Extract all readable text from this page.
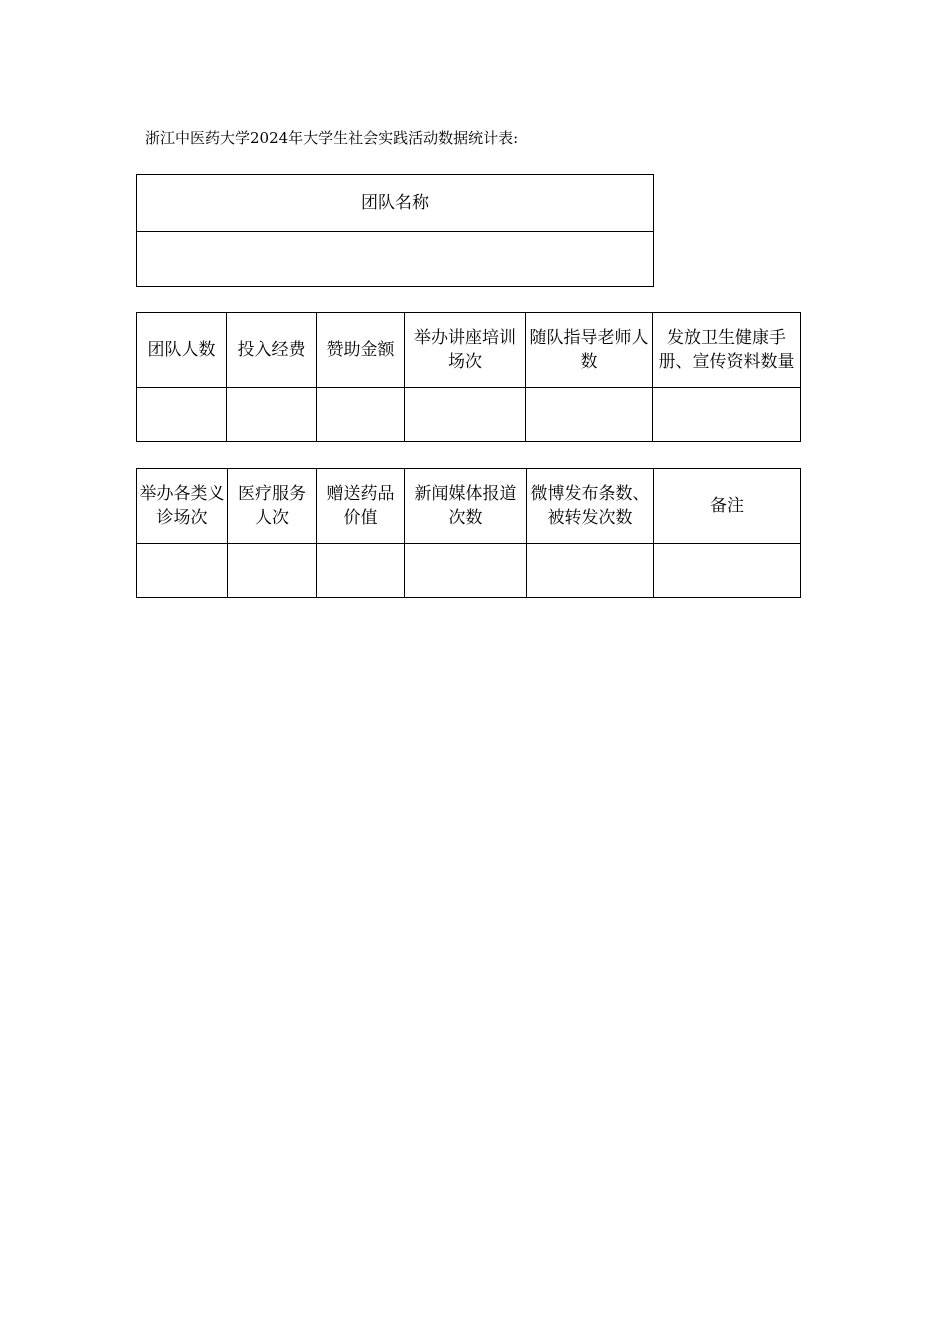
浙江中医药大学2024年大学生社会实践活动数据统计表:
团队名称

团队人数	投入经费	赞助金额	举办讲座培训场次	随队指导老师人数	发放卫生健康手册、宣传资料数量

举办各类义诊场次	医疗服务人次	赠送药品价值	新闻媒体报道次数	微博发布条数、被转发次数	备注
